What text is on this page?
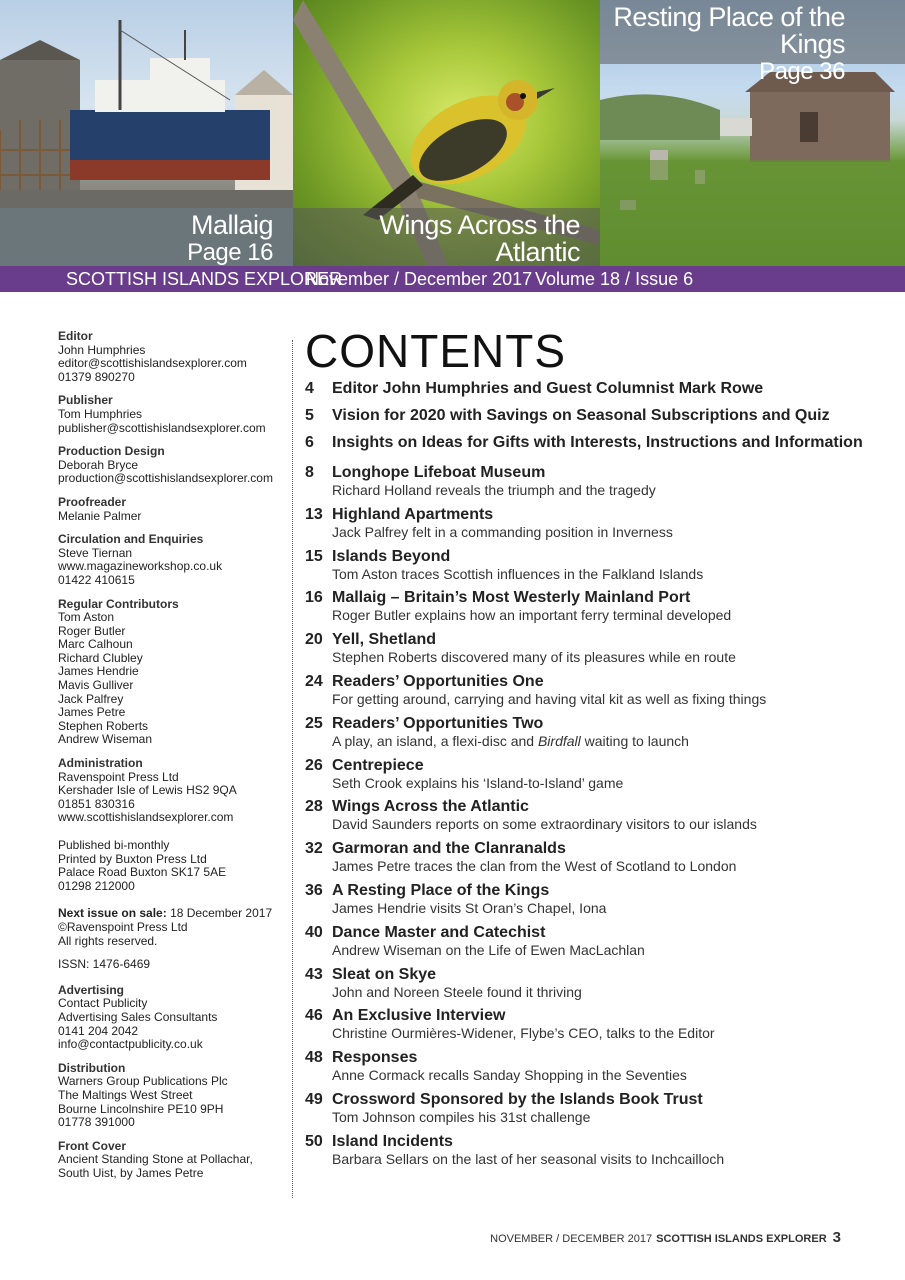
Mallaig
Page 16
Wings Across the Atlantic
Resting Place of the Kings
Page 36
SCOTTISH ISLANDS EXPLORER
November / December 2017 Volume 18 / Issue 6
Editor
John Humphries
editor@scottishislandsexplorer.com
01379 890270
Publisher
Tom Humphries
publisher@scottishislandsexplorer.com
Production Design
Deborah Bryce
production@scottishislandsexplorer.com
Proofreader
Melanie Palmer
Circulation and Enquiries
Steve Tiernan
www.magazineworkshop.co.uk
01422 410615
Regular Contributors
Tom Aston
Roger Butler
Marc Calhoun
Richard Clubley
James Hendrie
Mavis Gulliver
Jack Palfrey
James Petre
Stephen Roberts
Andrew Wiseman
Administration
Ravenspoint Press Ltd
Kershader Isle of Lewis HS2 9QA
01851 830316
www.scottishislandsexplorer.com
Published bi-monthly
Printed by Buxton Press Ltd
Palace Road Buxton SK17 5AE
01298 212000
Next issue on sale: 18 December 2017
©Ravenspoint Press Ltd
All rights reserved.
ISSN: 1476-6469
Advertising
Contact Publicity
Advertising Sales Consultants
0141 204 2042
info@contactpublicity.co.uk
Distribution
Warners Group Publications Plc
The Maltings West Street
Bourne Lincolnshire PE10 9PH
01778 391000
Front Cover
Ancient Standing Stone at Pollachar,
South Uist, by James Petre
CONTENTS
4 Editor John Humphries and Guest Columnist Mark Rowe
5 Vision for 2020 with Savings on Seasonal Subscriptions and Quiz
6 Insights on Ideas for Gifts with Interests, Instructions and Information
8 Longhope Lifeboat Museum
Richard Holland reveals the triumph and the tragedy
13 Highland Apartments
Jack Palfrey felt in a commanding position in Inverness
15 Islands Beyond
Tom Aston traces Scottish influences in the Falkland Islands
16 Mallaig – Britain’s Most Westerly Mainland Port
Roger Butler explains how an important ferry terminal developed
20 Yell, Shetland
Stephen Roberts discovered many of its pleasures while en route
24 Readers’ Opportunities One
For getting around, carrying and having vital kit as well as fixing things
25 Readers’ Opportunities Two
A play, an island, a flexi-disc and Birdfall waiting to launch
26 Centrepiece
Seth Crook explains his ‘Island-to-Island’ game
28 Wings Across the Atlantic
David Saunders reports on some extraordinary visitors to our islands
32 Garmoran and the Clanranalds
James Petre traces the clan from the West of Scotland to London
36 A Resting Place of the Kings
James Hendrie visits St Oran’s Chapel, Iona
40 Dance Master and Catechist
Andrew Wiseman on the Life of Ewen MacLachlan
43 Sleat on Skye
John and Noreen Steele found it thriving
46 An Exclusive Interview
Christine Ourmières-Widener, Flybe’s CEO, talks to the Editor
48 Responses
Anne Cormack recalls Sanday Shopping in the Seventies
49 Crossword Sponsored by the Islands Book Trust
Tom Johnson compiles his 31st challenge
50 Island Incidents
Barbara Sellars on the last of her seasonal visits to Inchcailloch
NOVEMBER / DECEMBER 2017 SCOTTISH ISLANDS EXPLORER 3
